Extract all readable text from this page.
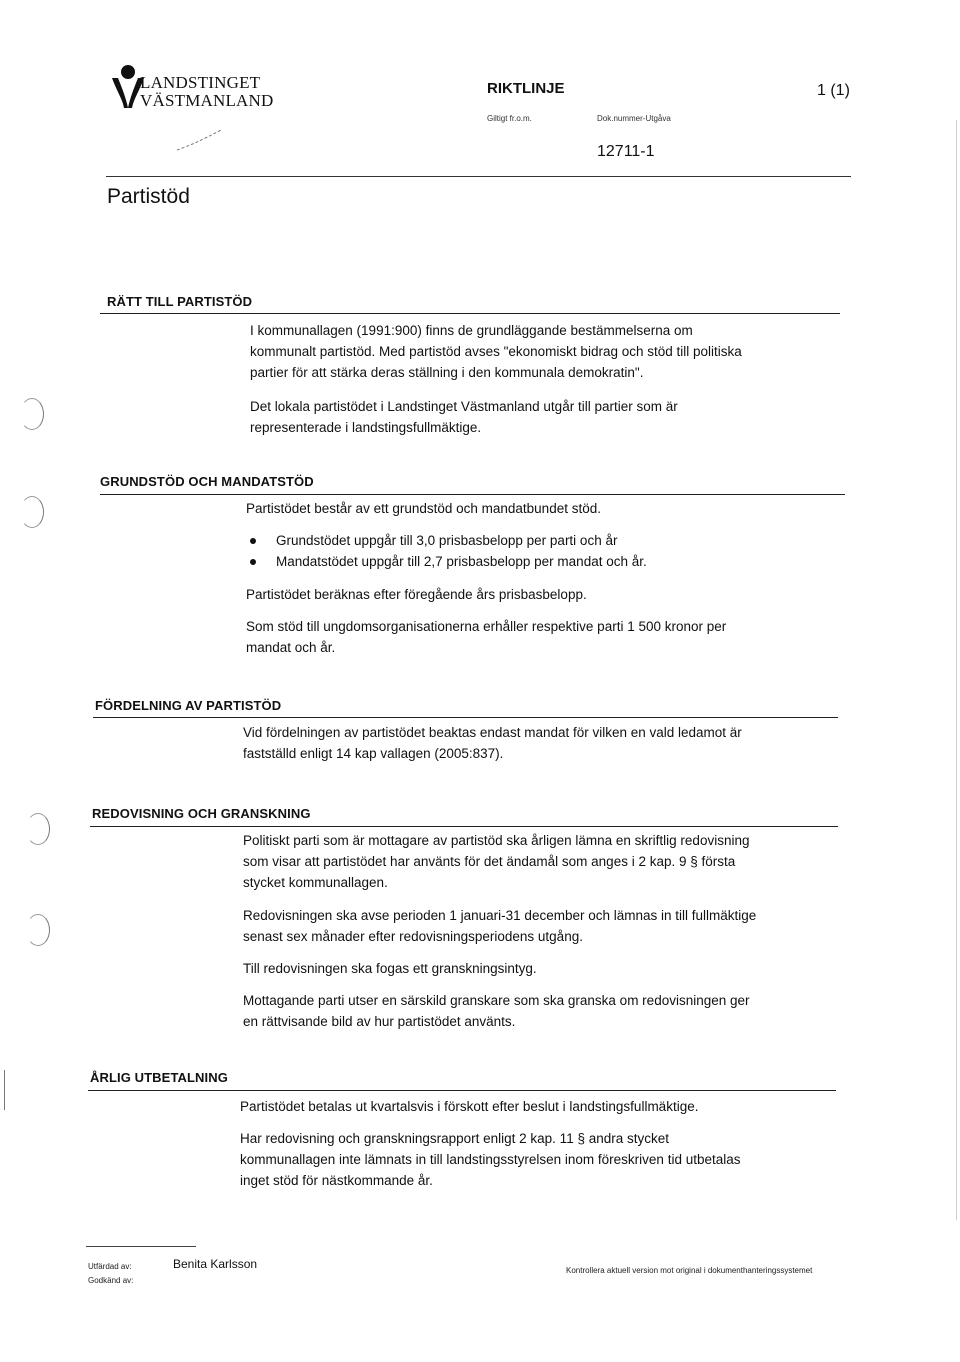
LANDSTINGET
VÄSTMANLAND
RIKTLINJE	1 (1)
Giltigt fr.o.m.	Dok.nummer-Utgåva
12711-1
Partistöd
RÄTT TILL PARTISTÖD
I kommunallagen (1991:900) finns de grundläggande bestämmelserna om
kommunalt partistöd. Med partistöd avses "ekonomiskt bidrag och stöd till politiska
partier för att stärka deras ställning i den kommunala demokratin".
Det lokala partistödet i Landstinget Västmanland utgår till partier som är
representerade i landstingsfullmäktige.
GRUNDSTÖD OCH MANDATSTÖD
Partistödet består av ett grundstöd och mandatbundet stöd.
Grundstödet uppgår till 3,0 prisbasbelopp per parti och år
Mandatstödet uppgår till 2,7 prisbasbelopp per mandat och år.
Partistödet beräknas efter föregående års prisbasbelopp.
Som stöd till ungdomsorganisationerna erhåller respektive parti 1 500 kronor per
mandat och år.
FÖRDELNING AV PARTISTÖD
Vid fördelningen av partistödet beaktas endast mandat för vilken en vald ledamot är
fastställd enligt 14 kap vallagen (2005:837).
REDOVISNING OCH GRANSKNING
Politiskt parti som är mottagare av partistöd ska årligen lämna en skriftlig redovisning
som visar att partistödet har använts för det ändamål som anges i 2 kap. 9 § första
stycket kommunallagen.
Redovisningen ska avse perioden 1 januari-31 december och lämnas in till fullmäktige
senast sex månader efter redovisningsperiodens utgång.
Till redovisningen ska fogas ett granskningsintyg.
Mottagande parti utser en särskild granskare som ska granska om redovisningen ger
en rättvisande bild av hur partistödet använts.
ÅRLIG UTBETALNING
Partistödet betalas ut kvartalsvis i förskott efter beslut i landstingsfullmäktige.
Har redovisning och granskningsrapport enligt 2 kap. 11 § andra stycket
kommunallagen inte lämnats in till landstingsstyrelsen inom föreskriven tid utbetalas
inget stöd för nästkommande år.
Utfärdad av:
Godkänd av:
Benita Karlsson	Kontrollera aktuell version mot original i dokumenthanteringssystemet
